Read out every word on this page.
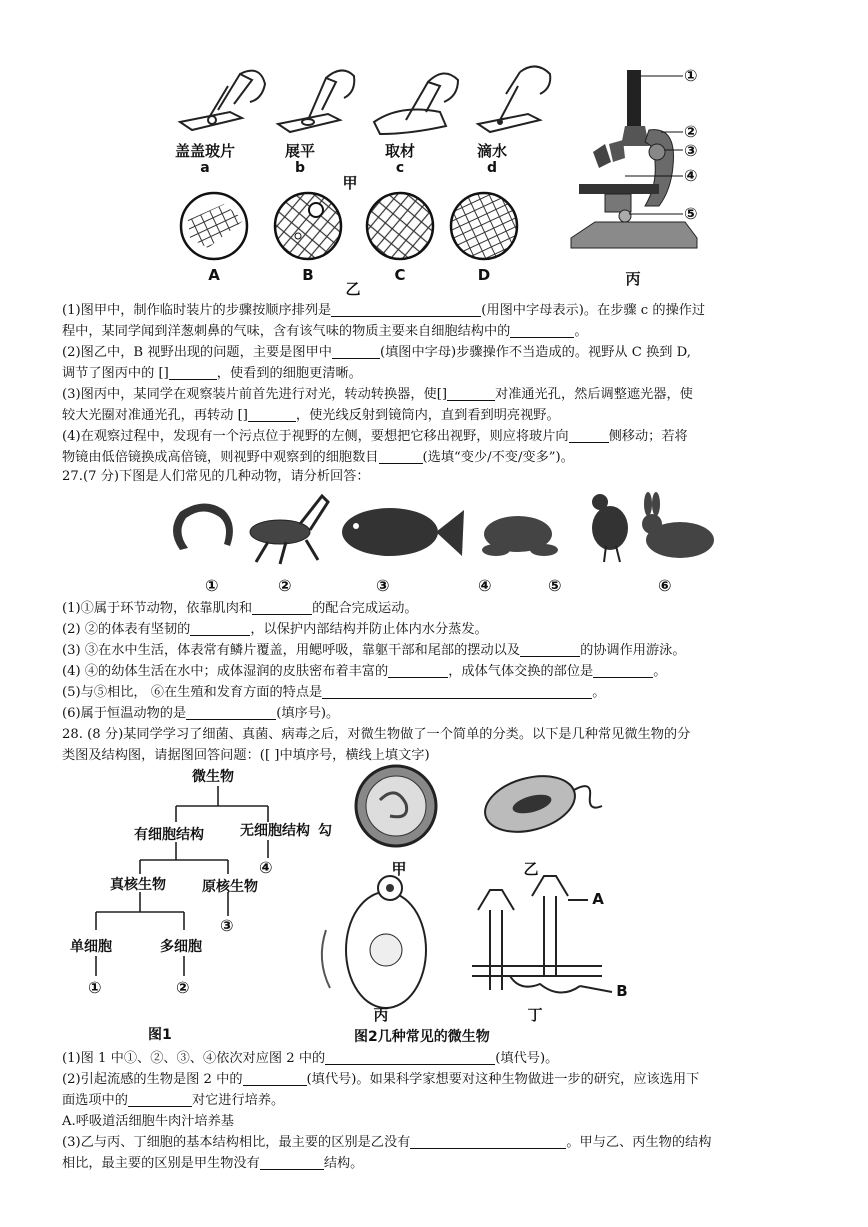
盖盖玻片	展平	取材	滴水
a	b	c	d
甲
A	B	C	D
乙
①
②
③
④
⑤
丙

(1)图甲中，制作临时装片的步骤按顺序排列是	(用图中字母表示)。在步骤 c 的操作过
程中，某同学闻到洋葱刺鼻的气味，含有该气味的物质主要来自细胞结构中的	。
(2)图乙中，B 视野出现的问题，主要是图甲中	(填图中字母)步骤操作不当造成的。视野从 C 换到 D,
调节了图丙中的 []	，使看到的细胞更清晰。
(3)图丙中，某同学在观察装片前首先进行对光，转动转换器，使[]	对准通光孔，然后调整遮光器，使
较大光圈对准通光孔，再转动 []	，使光线反射到镜筒内，直到看到明亮视野。
(4)在观察过程中，发现有一个污点位于视野的左侧，要想把它移出视野，则应将玻片向	侧移动；若将
物镜由低倍镜换成高倍镜，则视野中观察到的细胞数目	(选填“变少/不变/变多”)。

27.(7 分)下图是人们常见的几种动物，请分析回答：

①	②	③	④	⑤	⑥

(1)①属于环节动物，依靠肌肉和	的配合完成运动。
(2) ②的体表有坚韧的	，以保护内部结构并防止体内水分蒸发。
(3) ③在水中生活，体表常有鳞片覆盖，用鳃呼吸，靠躯干部和尾部的摆动以及	的协调作用游泳。
(4) ④的幼体生活在水中；成体湿润的皮肤密布着丰富的	，成体气体交换的部位是	。
(5)与⑤相比， ⑥在生殖和发育方面的特点是	。
(6)属于恒温动物的是	(填序号)。

28. (8 分)某同学学习了细菌、真菌、病毒之后，对微生物做了一个简单的分类。以下是几种常见微生物的分
类图及结构图，请据图回答问题：([ ]中填序号，横线上填文字)

微生物
有细胞结构	无细胞结构 勾
④
真核生物	原核生物
③
单细胞	多细胞
①	②
图1
甲	乙
丙	丁
A
B
图2几种常见的微生物

(1)图 1 中①、②、③、④依次对应图 2 中的	(填代号)。
(2)引起流感的生物是图 2 中的	(填代号)。如果科学家想要对这种生物做进一步的研究，应该选用下
面选项中的	对它进行培养。
A.呼吸道活细胞牛肉汁培养基
(3)乙与丙、丁细胞的基本结构相比，最主要的区别是乙没有	。甲与乙、丙生物的结构
相比，最主要的区别是甲生物没有	结构。
